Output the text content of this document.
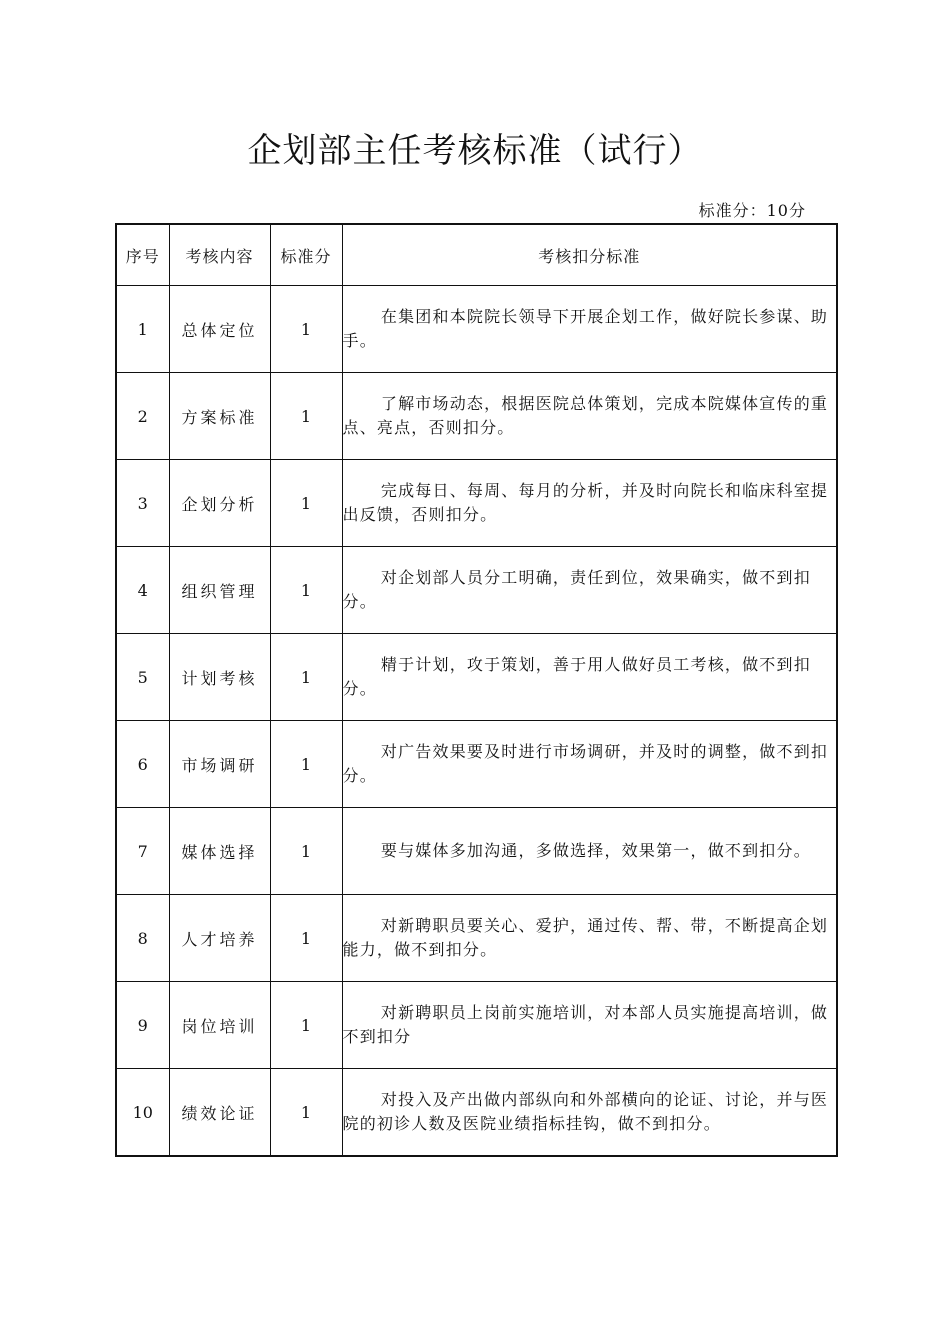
企划部主任考核标准（试行）
标准分：10分
序号	考核内容	标准分	考核扣分标准
1	总体定位	1	在集团和本院院长领导下开展企划工作，做好院长参谋、助手。
2	方案标准	1	了解市场动态，根据医院总体策划，完成本院媒体宣传的重点、亮点，否则扣分。
3	企划分析	1	完成每日、每周、每月的分析，并及时向院长和临床科室提出反馈，否则扣分。
4	组织管理	1	对企划部人员分工明确，责任到位，效果确实，做不到扣分。
5	计划考核	1	精于计划，攻于策划，善于用人做好员工考核，做不到扣分。
6	市场调研	1	对广告效果要及时进行市场调研，并及时的调整，做不到扣分。
7	媒体选择	1	要与媒体多加沟通，多做选择，效果第一，做不到扣分。
8	人才培养	1	对新聘职员要关心、爱护，通过传、帮、带，不断提高企划能力，做不到扣分。
9	岗位培训	1	对新聘职员上岗前实施培训，对本部人员实施提高培训，做不到扣分
10	绩效论证	1	对投入及产出做内部纵向和外部横向的论证、讨论，并与医院的初诊人数及医院业绩指标挂钩，做不到扣分。
